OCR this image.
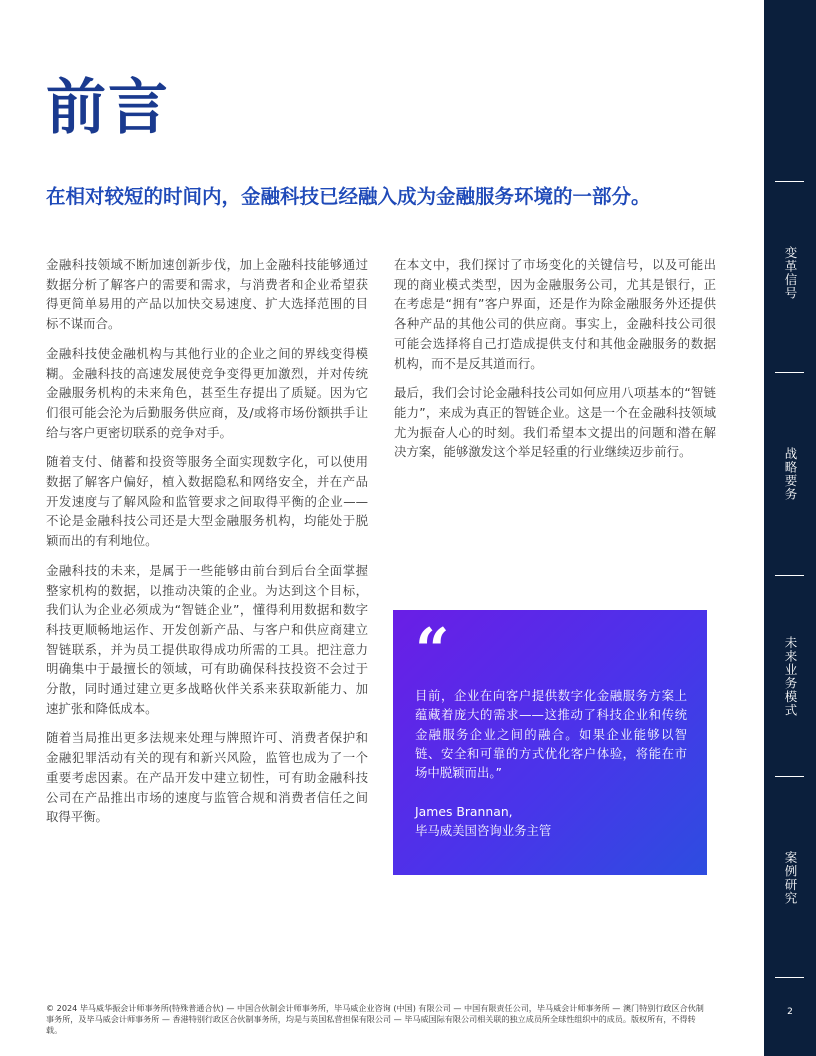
前言
在相对较短的时间内，金融科技已经融入成为金融服务环境的一部分。

金融科技领域不断加速创新步伐，加上金融科技能够通过数据分析了解客户的需要和需求，与消费者和企业希望获得更简单易用的产品以加快交易速度、扩大选择范围的目标不谋而合。

金融科技使金融机构与其他行业的企业之间的界线变得模糊。金融科技的高速发展使竞争变得更加激烈，并对传统金融服务机构的未来角色，甚至生存提出了质疑。因为它们很可能会沦为后勤服务供应商，及/或将市场份额拱手让给与客户更密切联系的竞争对手。

随着支付、储蓄和投资等服务全面实现数字化，可以使用数据了解客户偏好，植入数据隐私和网络安全，并在产品开发速度与了解风险和监管要求之间取得平衡的企业——不论是金融科技公司还是大型金融服务机构，均能处于脱颖而出的有利地位。

金融科技的未来，是属于一些能够由前台到后台全面掌握整家机构的数据，以推动决策的企业。为达到这个目标，我们认为企业必须成为“智链企业”，懂得利用数据和数字科技更顺畅地运作、开发创新产品、与客户和供应商建立智链联系，并为员工提供取得成功所需的工具。把注意力明确集中于最擅长的领域，可有助确保科技投资不会过于分散，同时通过建立更多战略伙伴关系来获取新能力、加速扩张和降低成本。

随着当局推出更多法规来处理与牌照许可、消费者保护和金融犯罪活动有关的现有和新兴风险，监管也成为了一个重要考虑因素。在产品开发中建立韧性，可有助金融科技公司在产品推出市场的速度与监管合规和消费者信任之间取得平衡。

在本文中，我们探讨了市场变化的关键信号，以及可能出现的商业模式类型，因为金融服务公司，尤其是银行，正在考虑是“拥有”客户界面，还是作为除金融服务外还提供各种产品的其他公司的供应商。事实上，金融科技公司很可能会选择将自己打造成提供支付和其他金融服务的数据机构，而不是反其道而行。

最后，我们会讨论金融科技公司如何应用八项基本的“智链能力”，来成为真正的智链企业。这是一个在金融科技领域尤为振奋人心的时刻。我们希望本文提出的问题和潜在解决方案，能够激发这个举足轻重的行业继续迈步前行。

“

目前，企业在向客户提供数字化金融服务方案上蕴藏着庞大的需求——这推动了科技企业和传统金融服务企业之间的融合。如果企业能够以智链、安全和可靠的方式优化客户体验，将能在市场中脱颖而出。”

James Brannan,

毕马威美国咨询业务主管

© 2024 毕马威华振会计师事务所(特殊普通合伙) — 中国合伙制会计师事务所，毕马威企业咨询 (中国) 有限公司 — 中国有限责任公司，毕马威会计师事务所 — 澳门特别行政区合伙制事务所，及毕马威会计师事务所 — 香港特别行政区合伙制事务所，均是与英国私营担保有限公司 — 毕马威国际有限公司相关联的独立成员所全球性组织中的成员。版权所有，不得转载。

变革信号
战略要务
未来业务模式
案例研究
2
